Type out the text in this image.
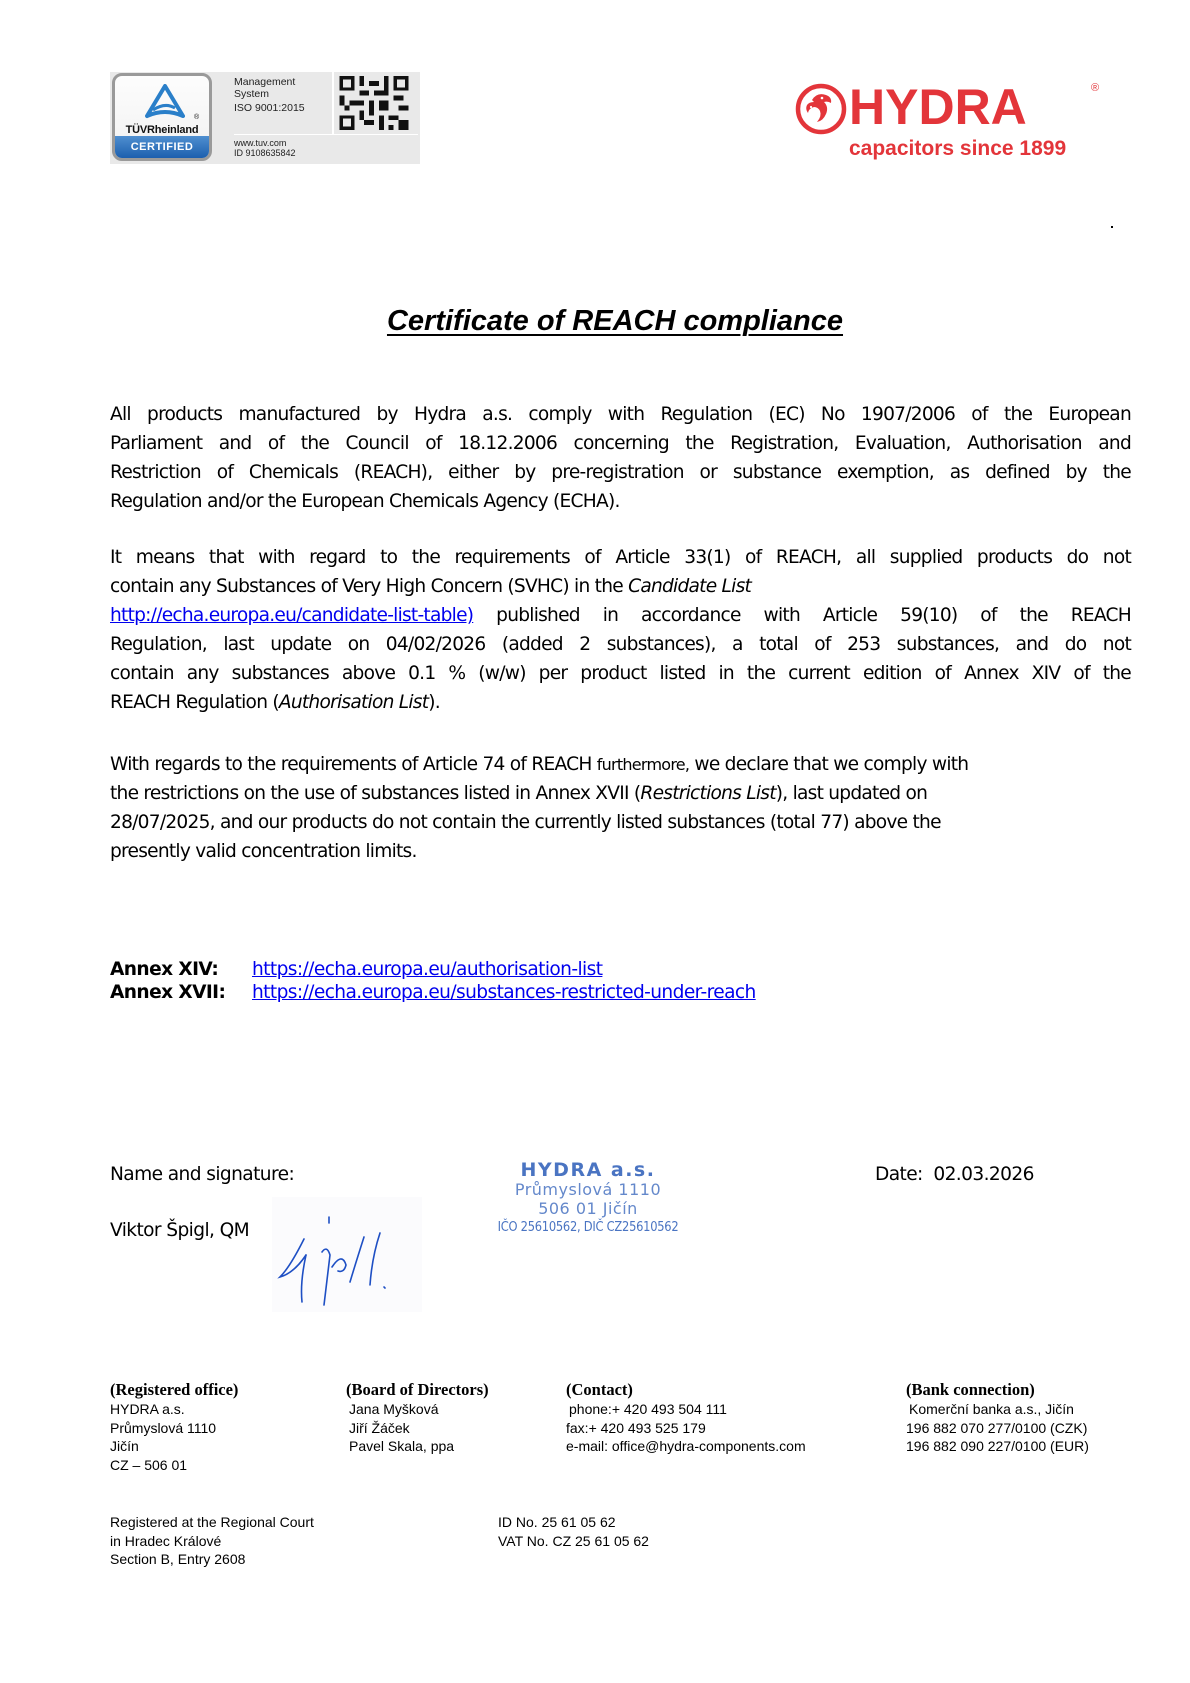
TÜVRheinland
®
CERTIFIED
Management
System
ISO 9001:2015
www.tuv.com
ID 9108635842
HYDRA	®
capacitors since 1899
Certificate of REACH compliance
All products manufactured by Hydra a.s. comply with Regulation (EC) No 1907/2006 of the European
Parliament and of the Council of 18.12.2006 concerning the Registration, Evaluation, Authorisation and
Restriction of Chemicals (REACH), either by pre-registration or substance exemption, as defined by the
Regulation and/or the European Chemicals Agency (ECHA).
It means that with regard to the requirements of Article 33(1) of REACH, all supplied products do not
contain any Substances of Very High Concern (SVHC) in the Candidate List
http://echa.europa.eu/candidate-list-table) published in accordance with Article 59(10) of the REACH
Regulation, last update on 04/02/2026 (added 2 substances), a total of 253 substances, and do not
contain any substances above 0.1 % (w/w) per product listed in the current edition of Annex XIV of the
REACH Regulation (Authorisation List).
With regards to the requirements of Article 74 of REACH furthermore, we declare that we comply with
the restrictions on the use of substances listed in Annex XVII (Restrictions List), last updated on
28/07/2025, and our products do not contain the currently listed substances (total 77) above the
presently valid concentration limits.
Annex XIV:	https://echa.europa.eu/authorisation-list
Annex XVII:	https://echa.europa.eu/substances-restricted-under-reach
Name and signature:
Viktor Špigl, QM
HYDRA a.s.
Průmyslová 1110
506 01 Jičín
IČO 25610562, DIČ CZ25610562
Date: 02.03.2026
(Registered office)
HYDRA a.s.
Průmyslová 1110
Jičín
CZ – 506 01
(Board of Directors)
Jana Myšková
Jiří Žáček
Pavel Skala, ppa
(Contact)
phone:+ 420 493 504 111
fax:+ 420 493 525 179
e-mail: office@hydra-components.com
(Bank connection)
Komerční banka a.s., Jičín
196 882 070 277/0100 (CZK)
196 882 090 227/0100 (EUR)
Registered at the Regional Court
in Hradec Králové
Section B, Entry 2608
ID No. 25 61 05 62
VAT No. CZ 25 61 05 62
